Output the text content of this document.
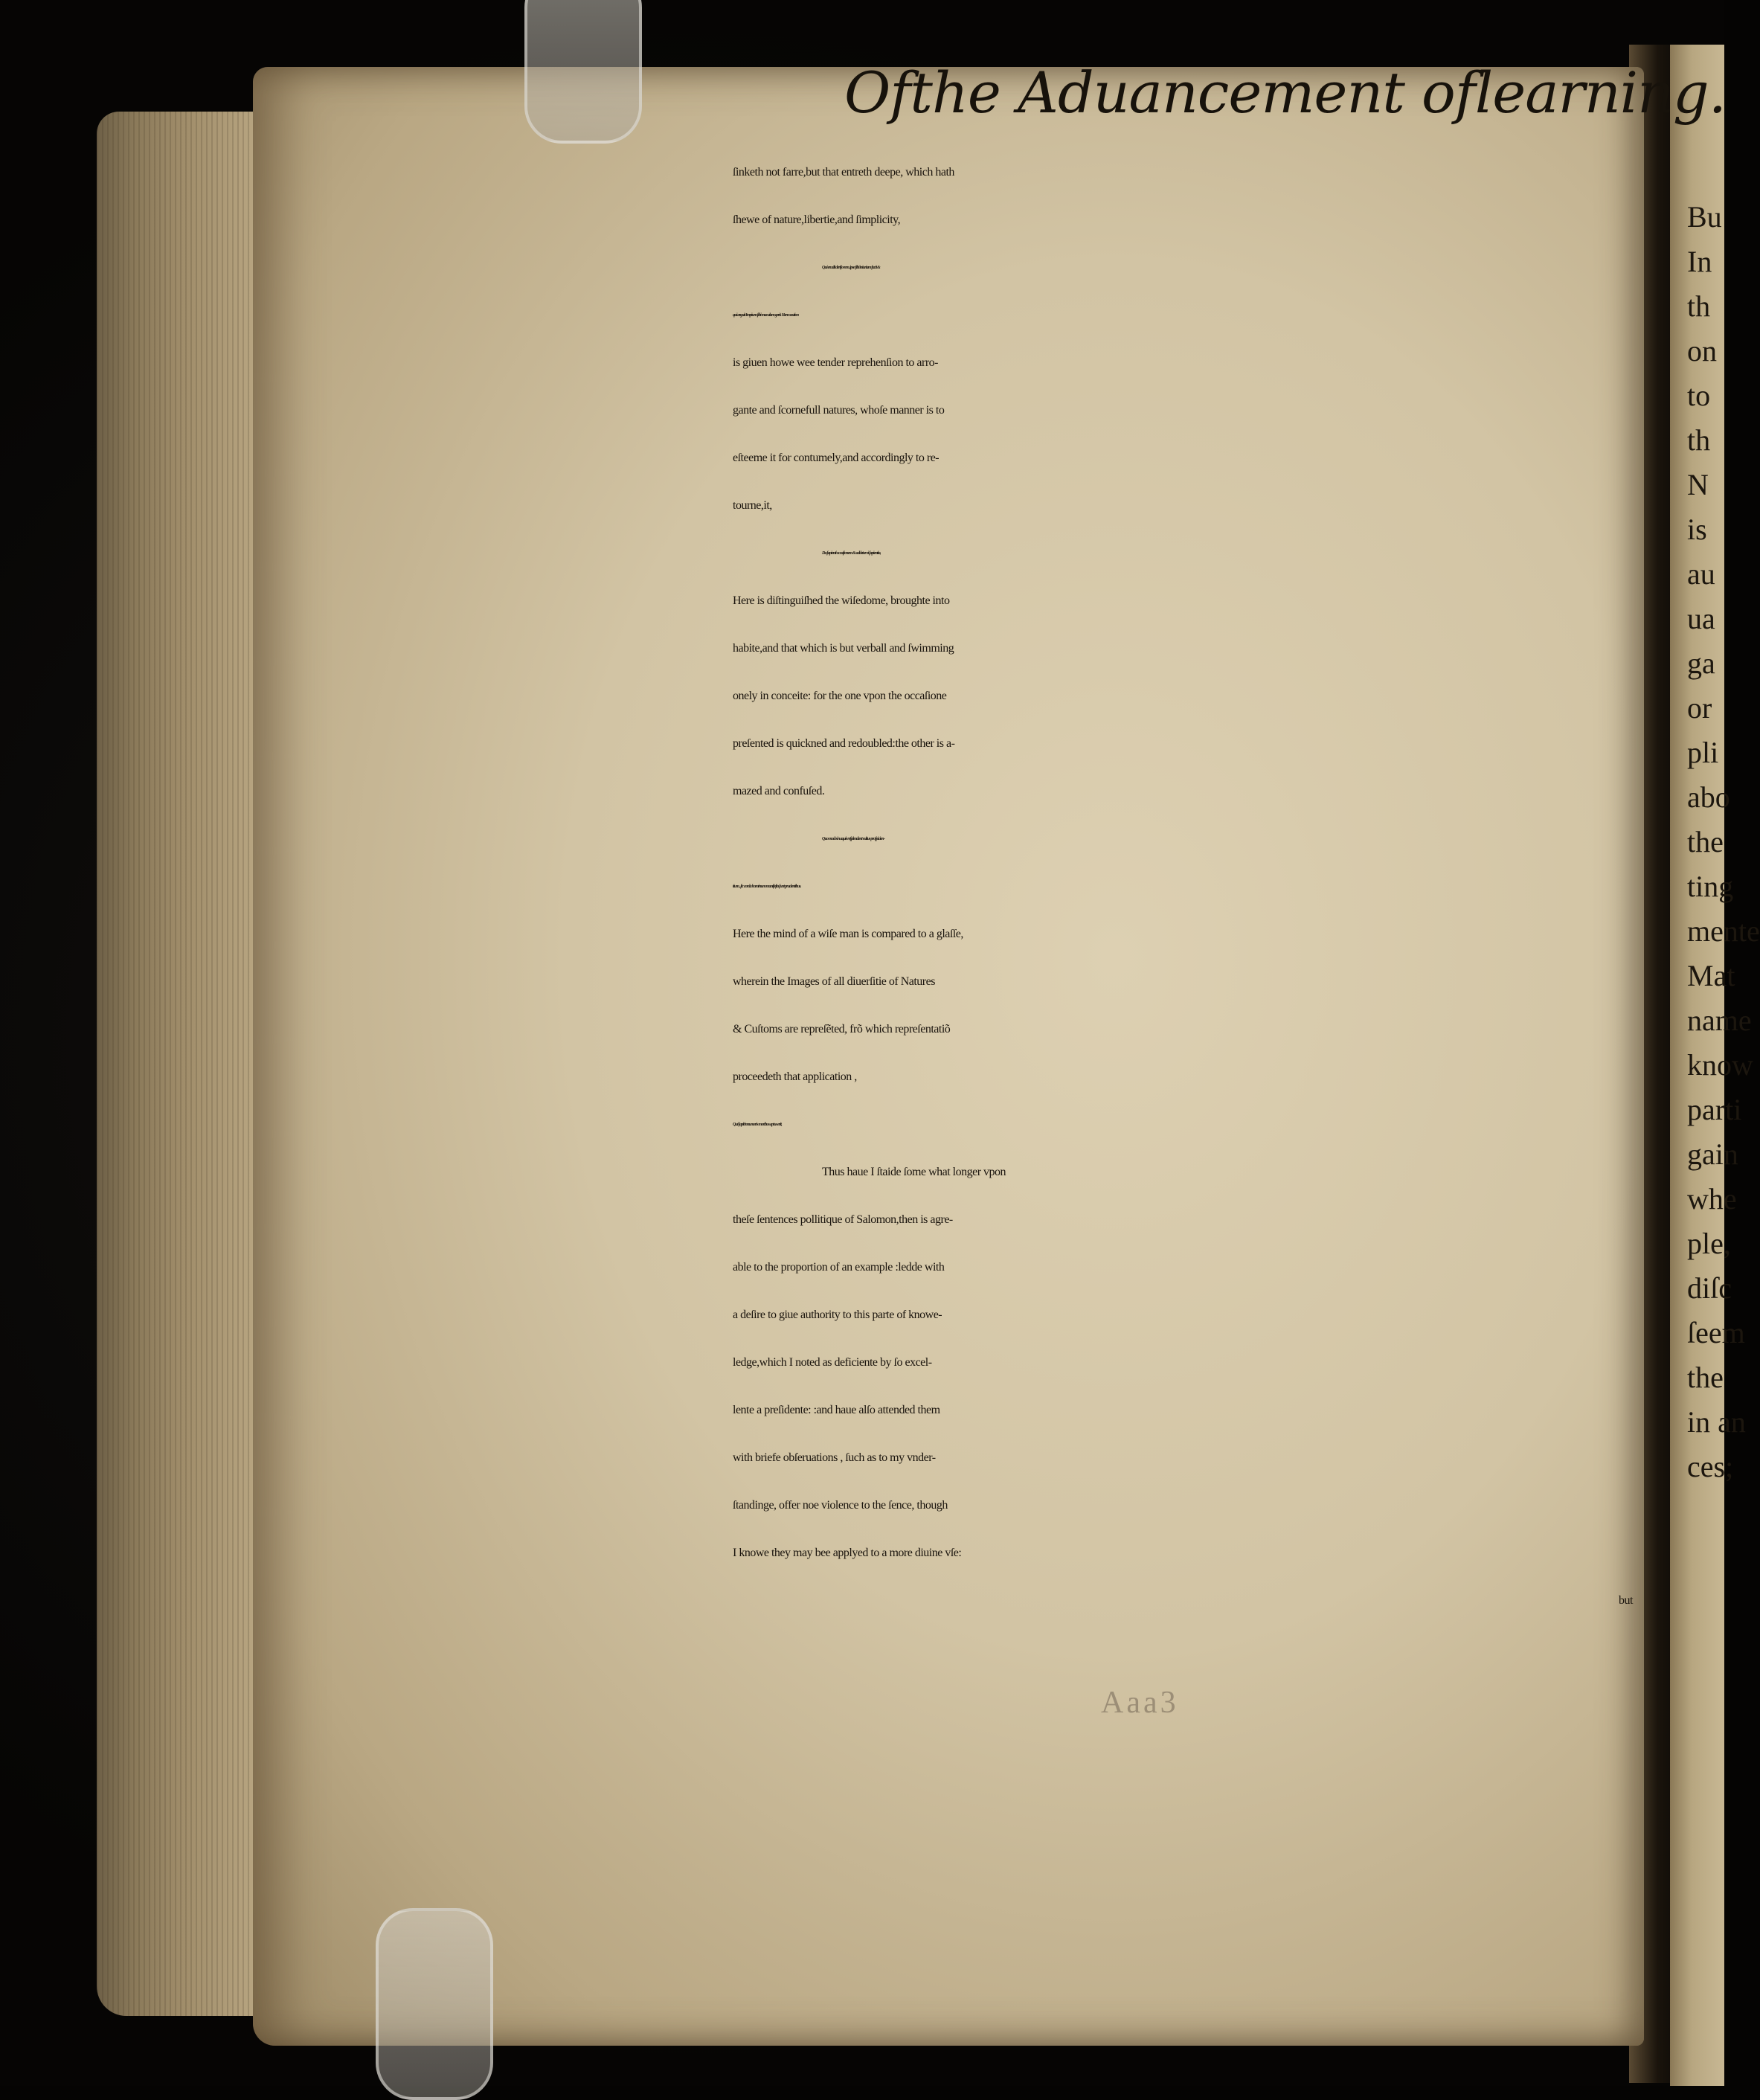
Ofthe Aduancement oflearning.
ſinketh not farre,but that entreth deepe, which hath
ſhewe of nature,libertie,and ſimplicity,
Qui erudit deriſo rem ,ipse ſibi iniuriam facit &
qui arguit Impium ſibi maculam gerit. Here caution
is giuen howe wee tender reprehenſion to arro-
gante and ſcornefull natures, whoſe manner is to
eſteeme it for contumely,and accordingly to re-
tourne,it,
Da ſapienti occaſionem & addetur ei ſapientia,
Here is diſtinguiſhed the wiſedome, broughte into
habite,and that which is but verball and ſwimming
onely in conceite: for the one vpon the occaſione
preſented is quickned and redoubled:the other is a-
mazed and confuſed.
Quo modo in aquis reſplendent vultus proſpicien-
tium , ſic corda hominum manifeſta ſunt prudentibus.
Here the mind of a wiſe man is compared to a glaſſe,
wherein the Images of all diuerſitie of Natures
& Cuſtoms are repreſẽted, frõ which repreſentatiõ
proceedeth that application ,
Qui ſapit innumeris moribus aptus erit,
Thus haue I ſtaide ſome what longer vpon
theſe ſentences pollitique of Salomon,then is agre-
able to the proportion of an example :ledde with
a deſire to giue authority to this parte of knowe-
ledge,which I noted as deficiente by ſo excel-
lente a preſidente: :and haue alſo attended them
with briefe obſeruations , ſuch as to my vnder-
ſtandinge, offer noe violence to the ſence, though
I knowe they may bee applyed to a more diuine vſe:
but
Aaa3
Bu
In
th
on
to
th
N
is
au
ua
ga
or
pli
abo
the
ting
mente
Mat
name
know
parti
gain
whe
ple,
diſc
ſeem
the
in an
ces;
